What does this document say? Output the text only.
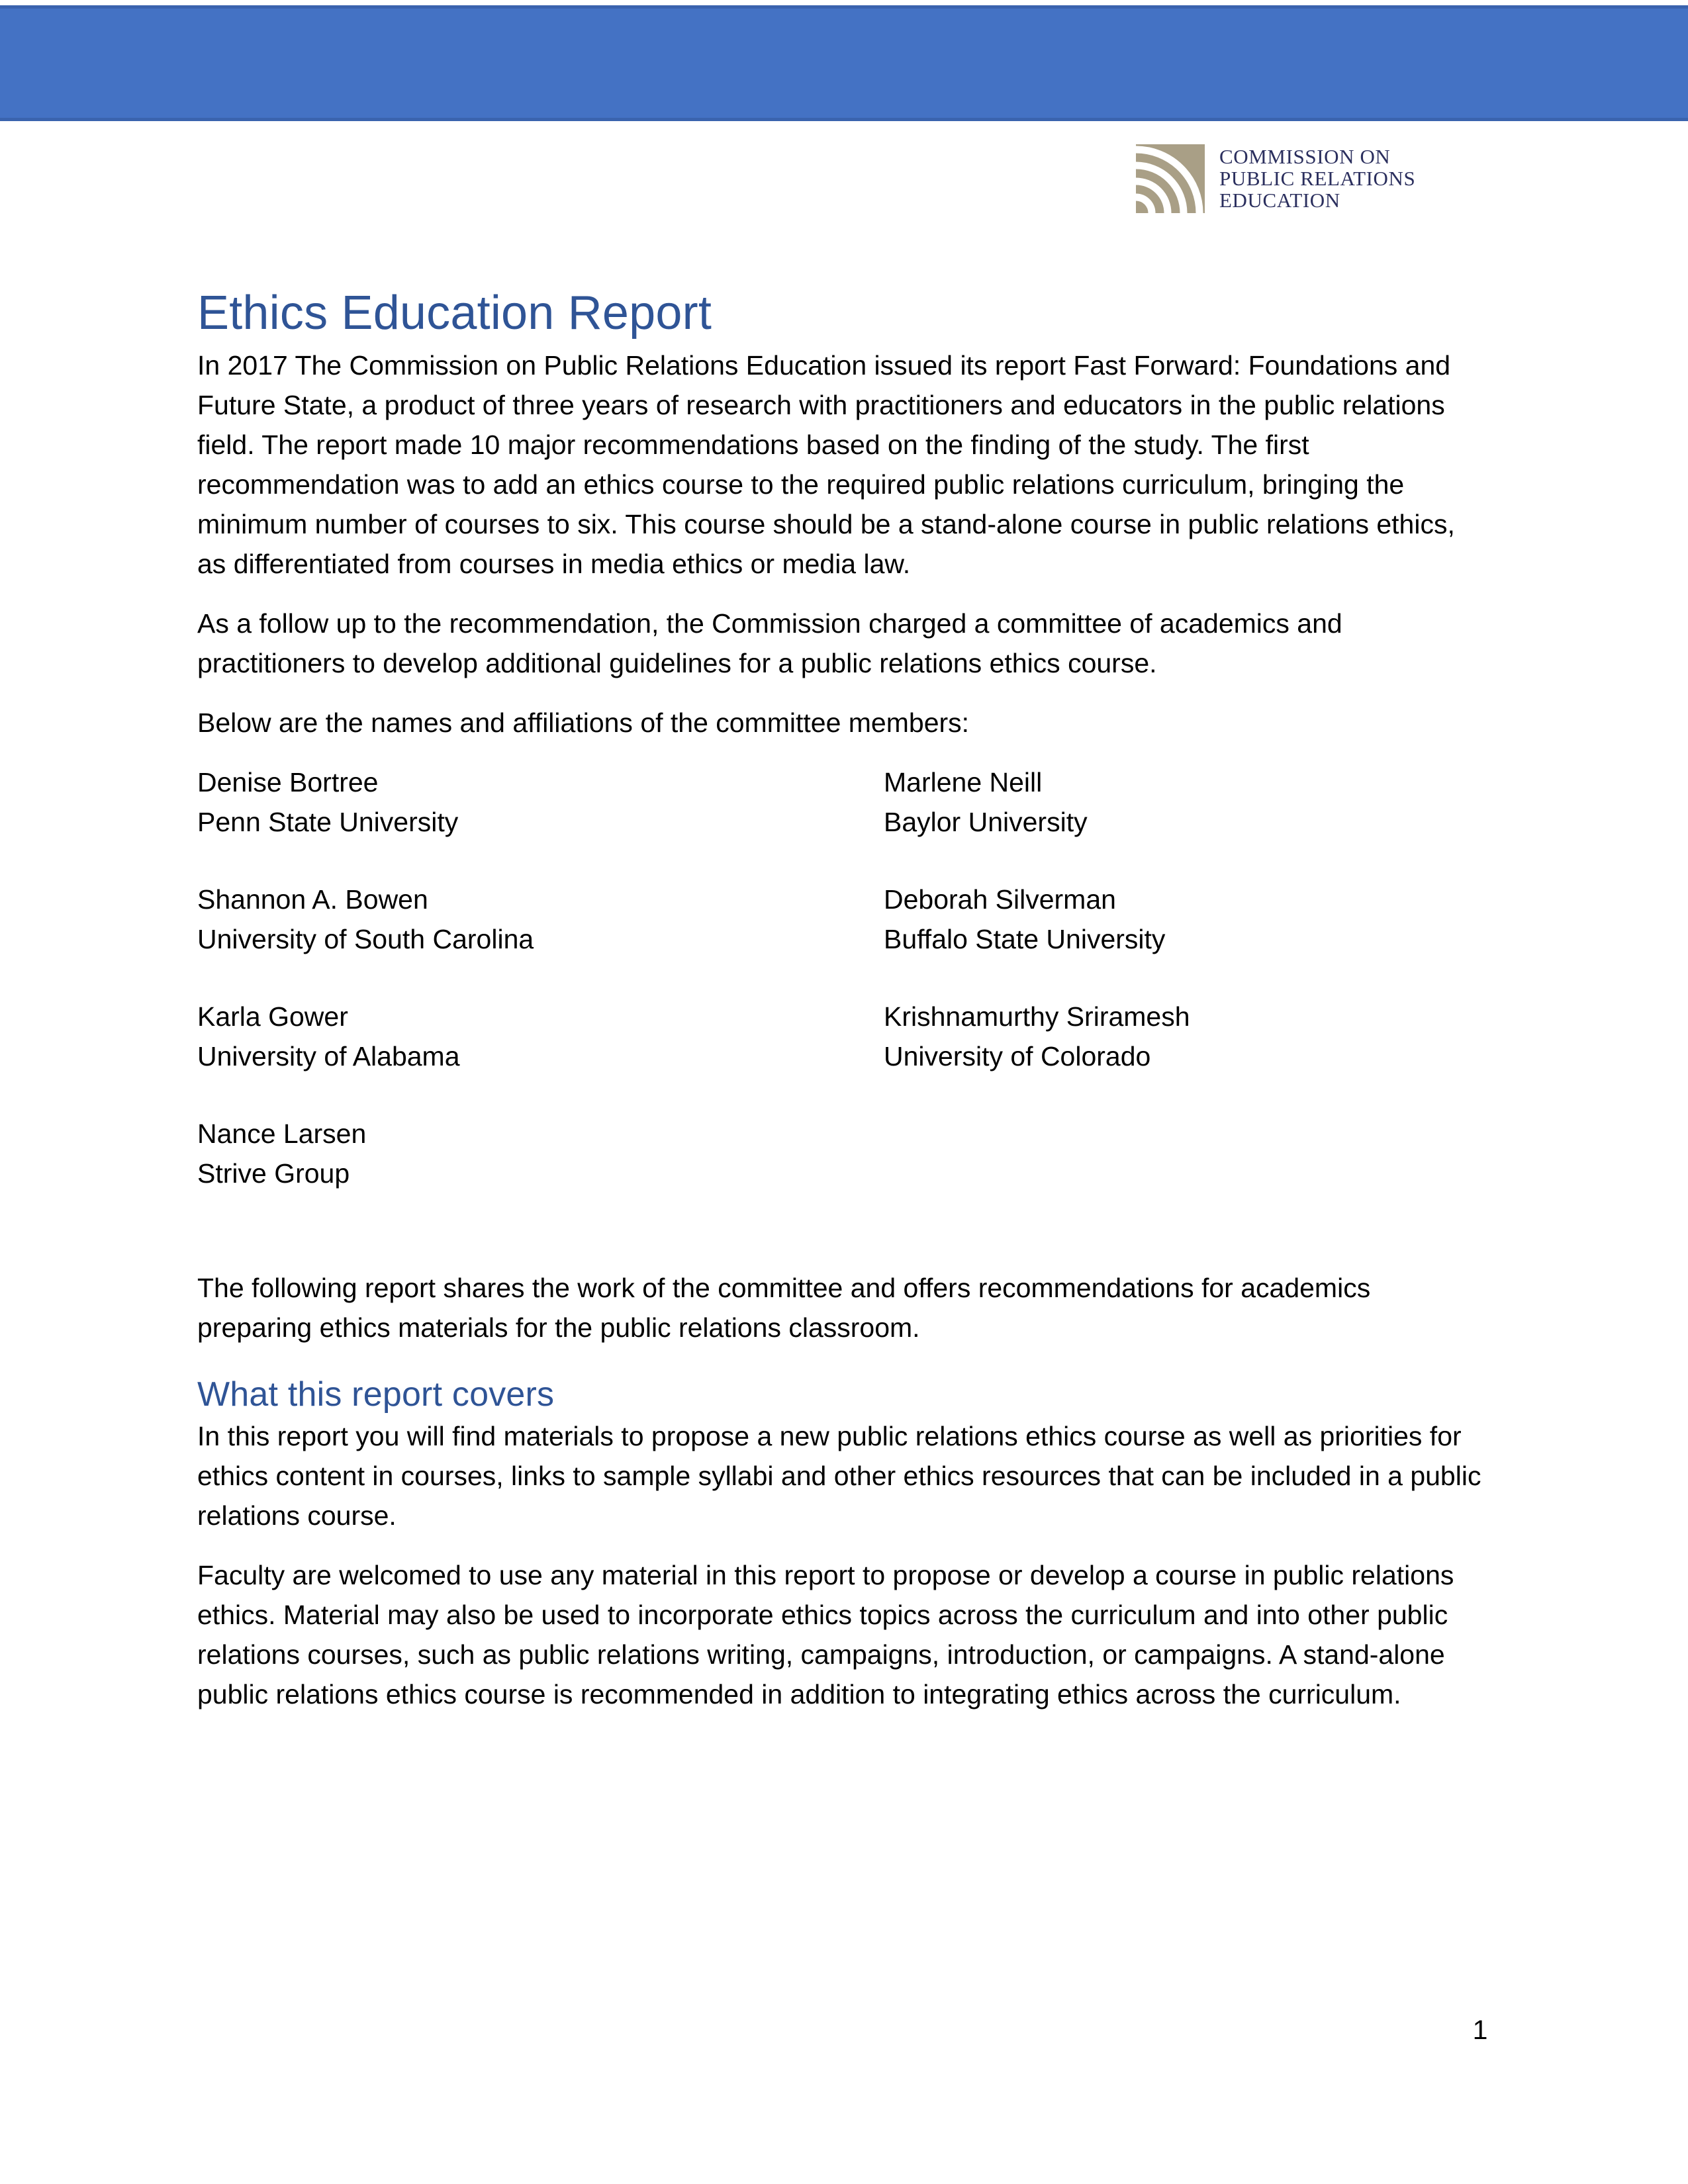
COMMISSION ON
PUBLIC RELATIONS
EDUCATION
Ethics Education Report

In 2017 The Commission on Public Relations Education issued its report Fast Forward: Foundations and Future State, a product of three years of research with practitioners and educators in the public relations field. The report made 10 major recommendations based on the finding of the study. The first recommendation was to add an ethics course to the required public relations curriculum, bringing the minimum number of courses to six. This course should be a stand-alone course in public relations ethics, as differentiated from courses in media ethics or media law.

As a follow up to the recommendation, the Commission charged a committee of academics and practitioners to develop additional guidelines for a public relations ethics course.

Below are the names and affiliations of the committee members:

Denise Bortree
Penn State University
Marlene Neill
Baylor University
Shannon A. Bowen
University of South Carolina
Deborah Silverman
Buffalo State University
Karla Gower
University of Alabama
Krishnamurthy Sriramesh
University of Colorado
Nance Larsen
Strive Group

The following report shares the work of the committee and offers recommendations for academics preparing ethics materials for the public relations classroom.

What this report covers

In this report you will find materials to propose a new public relations ethics course as well as priorities for ethics content in courses, links to sample syllabi and other ethics resources that can be included in a public relations course.

Faculty are welcomed to use any material in this report to propose or develop a course in public relations ethics. Material may also be used to incorporate ethics topics across the curriculum and into other public relations courses, such as public relations writing, campaigns, introduction, or campaigns. A stand-alone public relations ethics course is recommended in addition to integrating ethics across the curriculum.

1
